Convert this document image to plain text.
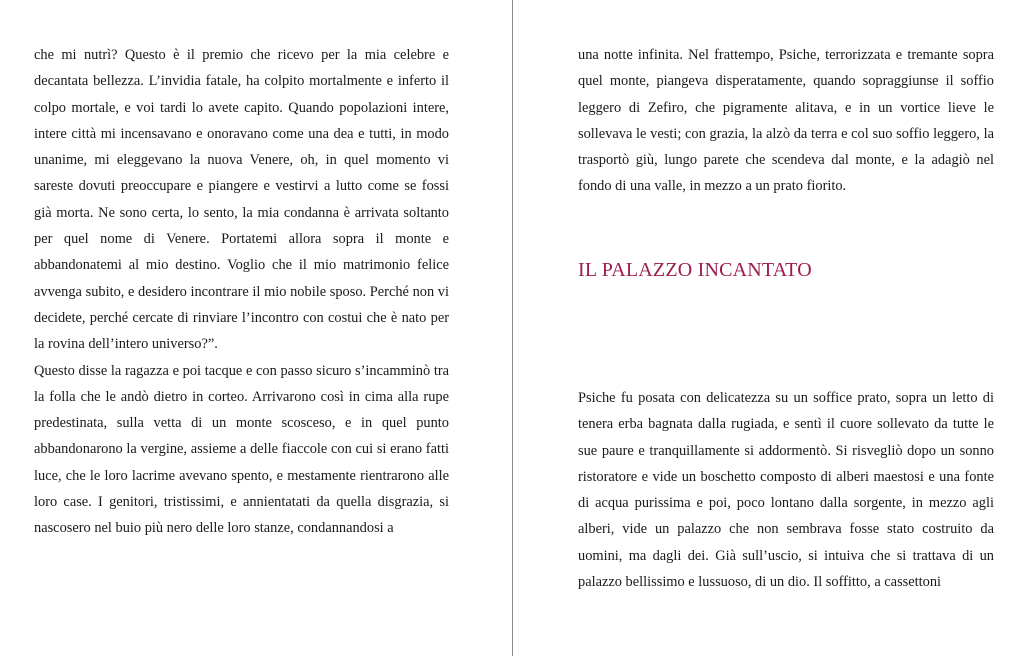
che mi nutrì? Questo è il premio che ricevo per la mia celebre e decantata bellezza. L’invidia fatale, ha colpito mortalmente e inferto il colpo mortale, e voi tardi lo avete capito. Quando popolazioni intere, intere città mi incensavano e onoravano come una dea e tutti, in modo unanime, mi eleggevano la nuova Venere, oh, in quel momento vi sareste dovuti preoccupare e piangere e vestirvi a lutto come se fossi già morta. Ne sono certa, lo sento, la mia condanna è arrivata soltanto per quel nome di Venere. Portatemi allora sopra il monte e abbandonatemi al mio destino. Voglio che il mio matrimonio felice avvenga subito, e desidero incontrare il mio nobile sposo. Perché non vi decidete, perché cercate di rinviare l’incontro con costui che è nato per la rovina dell’intero universo?”.

Questo disse la ragazza e poi tacque e con passo sicuro s’incamminò tra la folla che le andò dietro in corteo. Arrivarono così in cima alla rupe predestinata, sulla vetta di un monte scosceso, e in quel punto abbandonarono la vergine, assieme a delle fiaccole con cui si erano fatti luce, che le loro lacrime avevano spento, e mestamente rientrarono alle loro case. I genitori, tristissimi, e annientatati da quella disgrazia, si nascosero nel buio più nero delle loro stanze, condannandosi a

una notte infinita. Nel frattempo, Psiche, terrorizzata e tremante sopra quel monte, piangeva disperatamente, quando sopraggiunse il soffio leggero di Zefiro, che pigramente alitava, e in un vortice lieve le sollevava le vesti; con grazia, la alzò da terra e col suo soffio leggero, la trasportò giù, lungo parete che scendeva dal monte, e la adagiò nel fondo di una valle, in mezzo a un prato fiorito.

IL PALAZZO INCANTATO

Psiche fu posata con delicatezza su un soffice prato, sopra un letto di tenera erba bagnata dalla rugiada, e sentì il cuore sollevato da tutte le sue paure e tranquillamente si addormentò. Si risvegliò dopo un sonno ristoratore e vide un boschetto composto di alberi maestosi e una fonte di acqua purissima e poi, poco lontano dalla sorgente, in mezzo agli alberi, vide un palazzo che non sembrava fosse stato costruito da uomini, ma dagli dei. Già sull’uscio, si intuiva che si trattava di un palazzo bellissimo e lussuoso, di un dio. Il soffitto, a cassettoni
